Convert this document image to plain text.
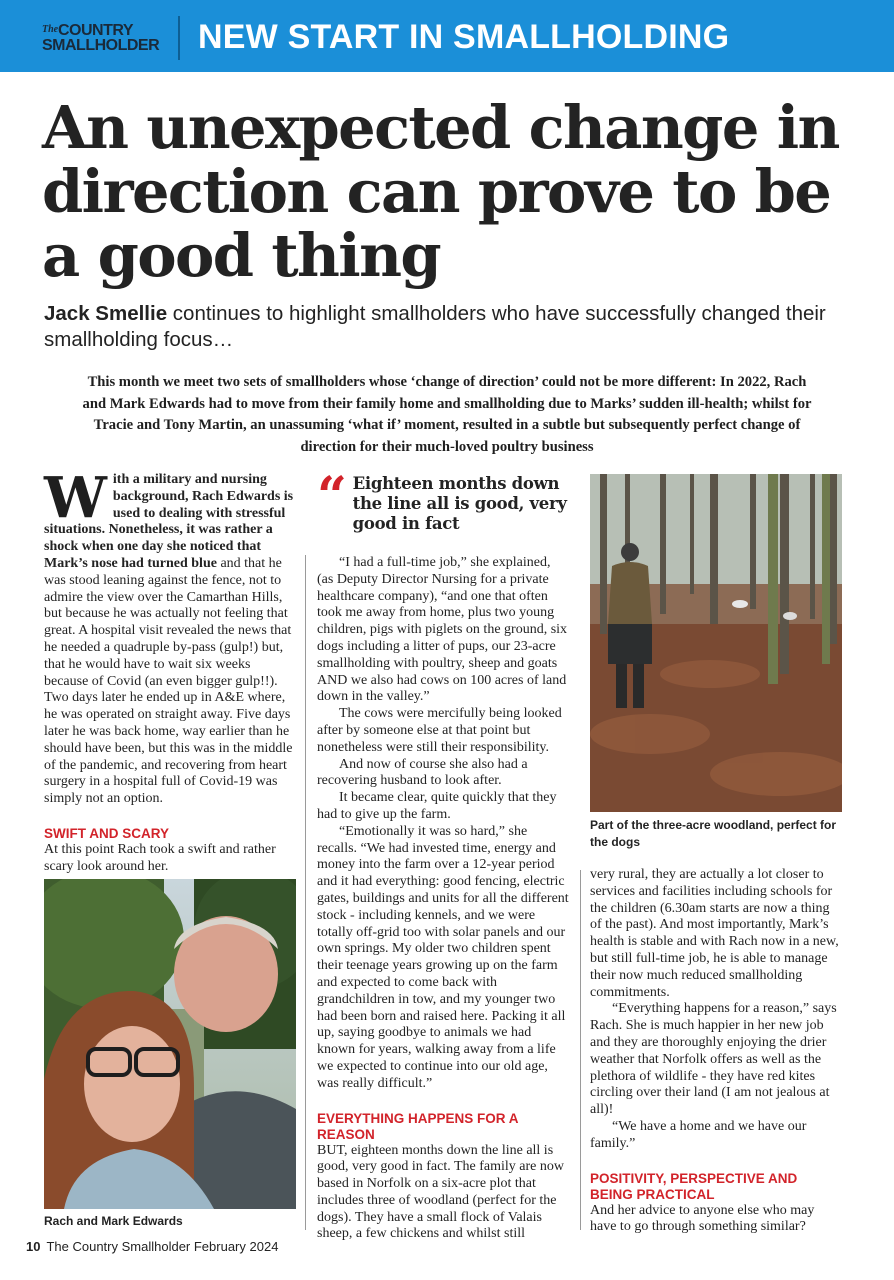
The COUNTRY
SMALLHOLDER NEW START IN SMALLHOLDING
An unexpected change in direction can prove to be a good thing
Jack Smellie continues to highlight smallholders who have successfully changed their smallholding focus…
This month we meet two sets of smallholders whose ‘change of direction’ could not be more different: In 2022, Rach and Mark Edwards had to move from their family home and smallholding due to Marks’ sudden ill-health; whilst for Tracie and Tony Martin, an unassuming ‘what if’ moment, resulted in a subtle but subsequently perfect change of direction for their much-loved poultry business

With a military and nursing background, Rach Edwards is used to dealing with stressful situations. Nonetheless, it was rather a shock when one day she noticed that Mark’s nose had turned blue and that he was stood leaning against the fence, not to admire the view over the Camarthan Hills, but because he was actually not feeling that great. A hospital visit revealed the news that he needed a quadruple by-pass (gulp!) but, that he would have to wait six weeks because of Covid (an even bigger gulp!!). Two days later he ended up in A&E where, he was operated on straight away. Five days later he was back home, way earlier than he should have been, but this was in the middle of the pandemic, and recovering from heart surgery in a hospital full of Covid-19 was simply not an option.

SWIFT AND SCARY

At this point Rach took a swift and rather scary look around her.

Rach and Mark Edwards
“ Eighteen months down the line all is good, very good in fact

“I had a full-time job,” she explained, (as Deputy Director Nursing for a private healthcare company), “and one that often took me away from home, plus two young children, pigs with piglets on the ground, six dogs including a litter of pups, our 23-acre smallholding with poultry, sheep and goats AND we also had cows on 100 acres of land down in the valley.”

The cows were mercifully being looked after by someone else at that point but nonetheless were still their responsibility.

And now of course she also had a recovering husband to look after.

It became clear, quite quickly that they had to give up the farm.

“Emotionally it was so hard,” she recalls. “We had invested time, energy and money into the farm over a 12-year period and it had everything: good fencing, electric gates, buildings and units for all the different stock - including kennels, and we were totally off-grid too with solar panels and our own springs. My older two children spent their teenage years growing up on the farm and expected to come back with grandchildren in tow, and my younger two had been born and raised here. Packing it all up, saying goodbye to animals we had known for years, walking away from a life we expected to continue into our old age, was really difficult.”

EVERYTHING HAPPENS FOR A REASON

BUT, eighteen months down the line all is good, very good in fact. The family are now based in Norfolk on a six-acre plot that includes three of woodland (perfect for the dogs). They have a small flock of Valais sheep, a few chickens and whilst still

Part of the three-acre woodland, perfect for the dogs

very rural, they are actually a lot closer to services and facilities including schools for the children (6.30am starts are now a thing of the past). And most importantly, Mark’s health is stable and with Rach now in a new, but still full-time job, he is able to manage their now much reduced smallholding commitments.

“Everything happens for a reason,” says Rach. She is much happier in her new job and they are thoroughly enjoying the drier weather that Norfolk offers as well as the plethora of wildlife - they have red kites circling over their land (I am not jealous at all)!

“We have a home and we have our family.”

POSITIVITY, PERSPECTIVE AND BEING PRACTICAL

And her advice to anyone else who may have to go through something similar?

10 The Country Smallholder February 2024
